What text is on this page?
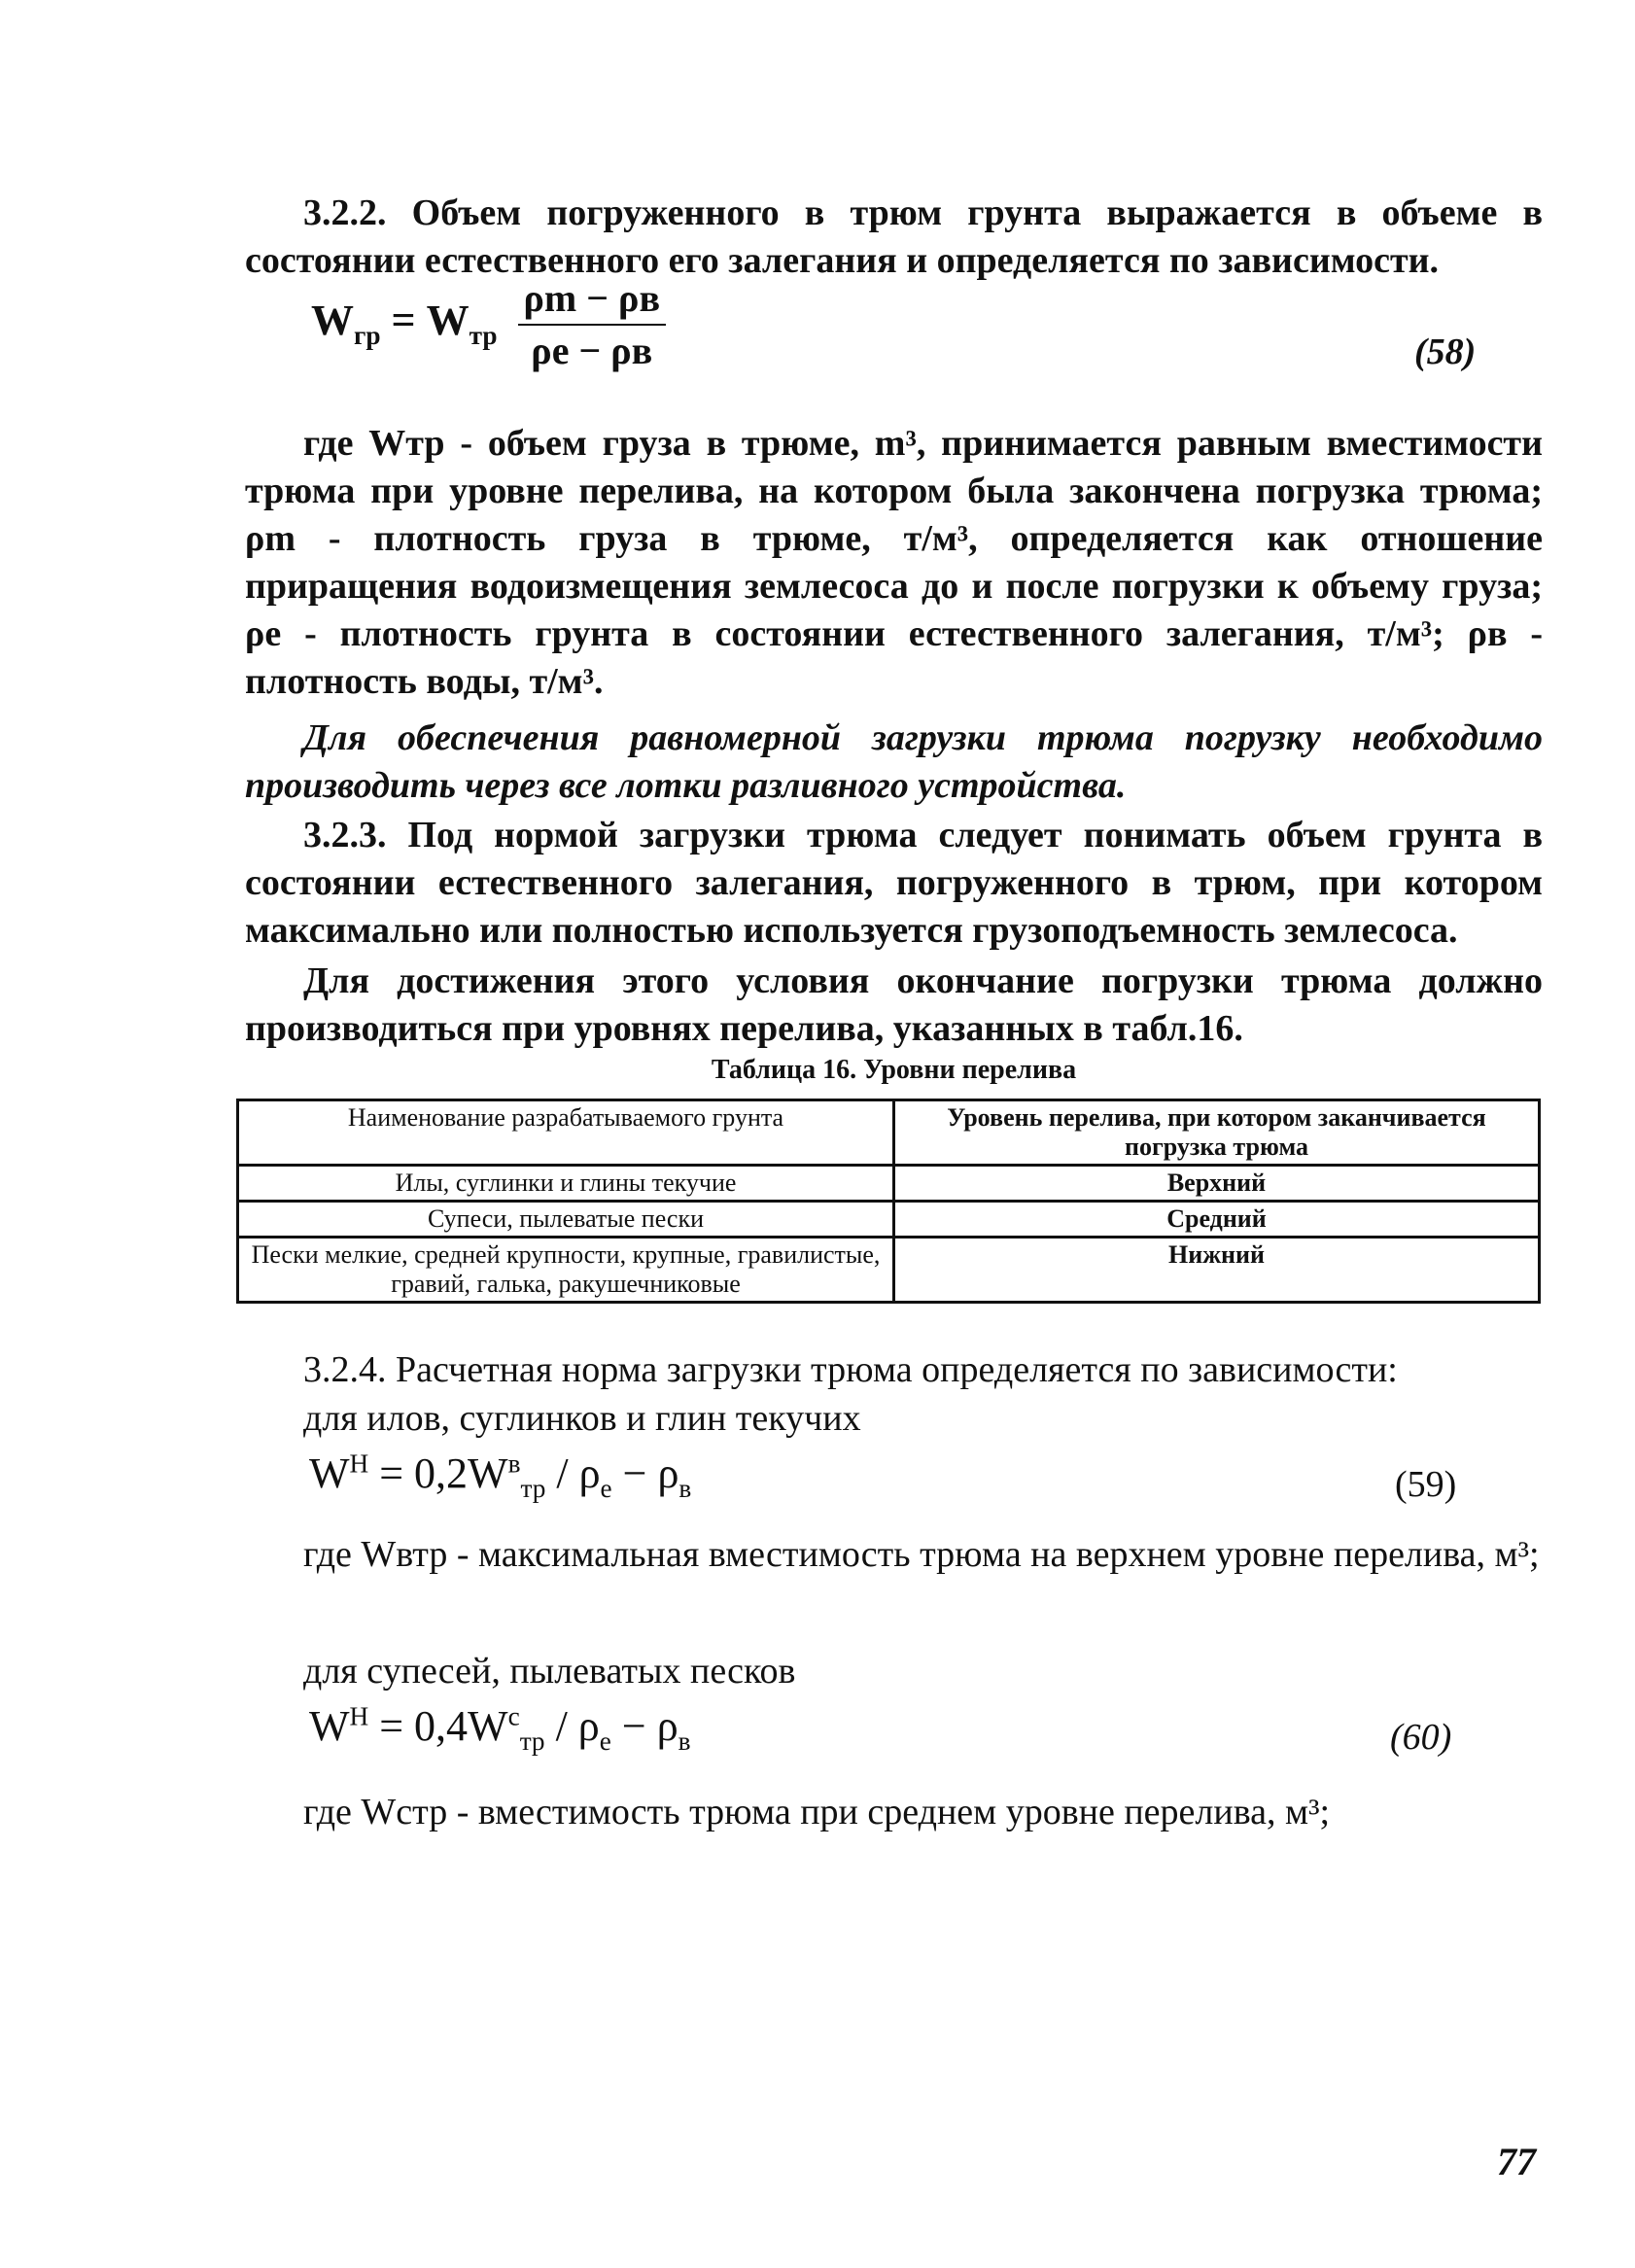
3.2.2. Объем погруженного в трюм грунта выражается в объеме в состоянии естественного его залегания и определяется по зависимости.

$W_{гр} = W_{тр} \frac{\rho m - \rho в}{\rho е - \rho в}$	(58)

где Wтр - объем груза в трюме, m³, принимается равным вместимости трюма при уровне перелива, на котором была закончена погрузка трюма; ρm - плотность груза в трюме, т/м³, определяется как отношение приращения водоизмещения землесоса до и после погрузки к объему груза; ρе - плотность грунта в состоянии естественного залегания, т/м³; ρв - плотность воды, т/м³.

Для обеспечения равномерной загрузки трюма погрузку необходимо производить через все лотки разливного устройства.

3.2.3. Под нормой загрузки трюма следует понимать объем грунта в состоянии естественного залегания, погруженного в трюм, при котором максимально или полностью используется грузоподъемность землесоса.

Для достижения этого условия окончание погрузки трюма должно производиться при уровнях перелива, указанных в табл.16.

Таблица 16. Уровни перелива
Наименование разрабатываемого грунта	Уровень перелива, при котором заканчивается погрузка трюма
Илы, суглинки и глины текучие	Верхний
Супеси, пылеватые пески	Средний
Пески мелкие, средней крупности, крупные, гравилистые, гравий, галька, ракушечниковые	Нижний

3.2.4. Расчетная норма загрузки трюма определяется по зависимости:

для илов, суглинков и глин текучих

$W^Н = 0,2W^в_{тр} / \rho_е - \rho_в$	(59)

где Wвтр - максимальная вместимость трюма на верхнем уровне перелива, м³;

для супесей, пылеватых песков

$W^Н = 0,4W^с_{тр} / \rho_е - \rho_в$	(60)

где Wстр - вместимость трюма при среднем уровне перелива, м³;

77
